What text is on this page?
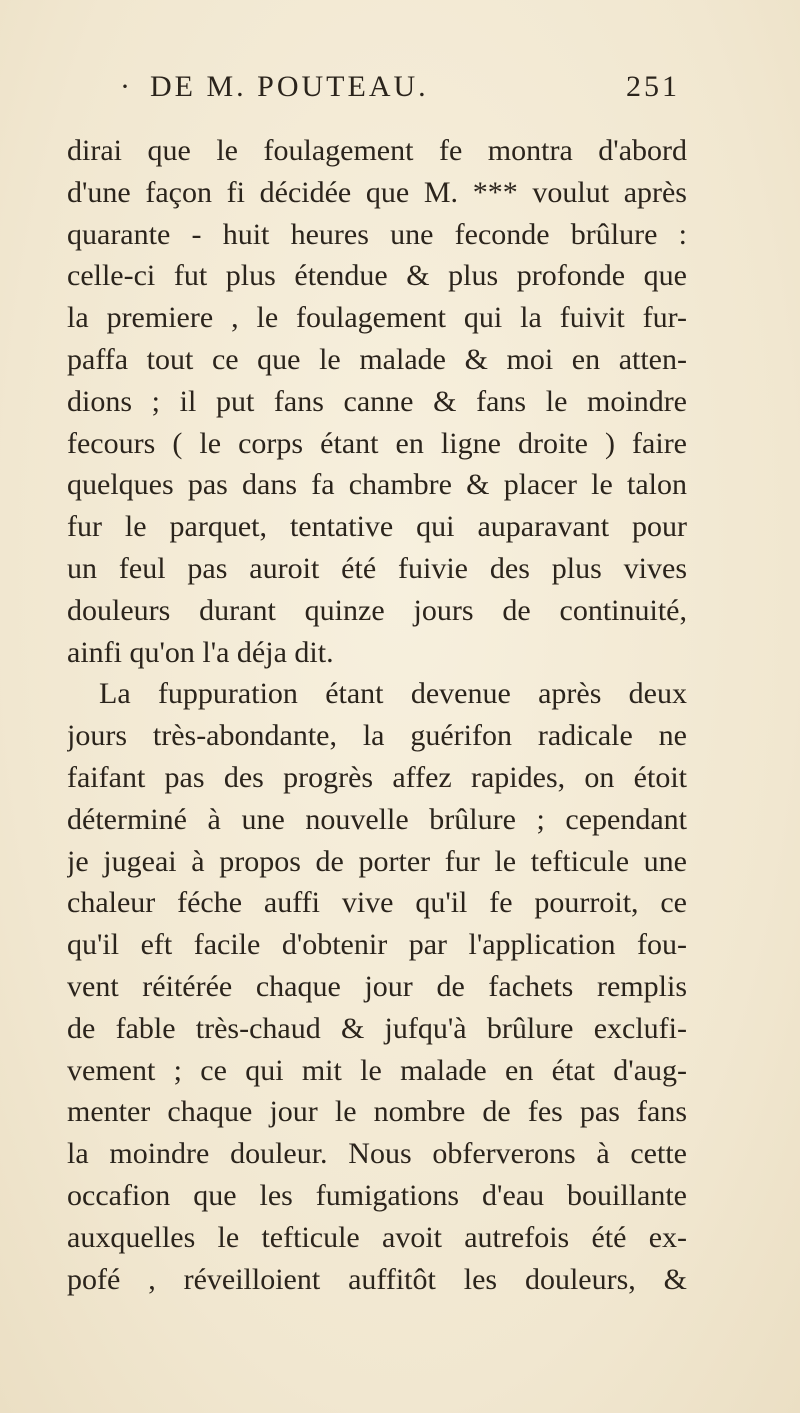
· DE M. POUTEAU.	251
dirai que le foulagement fe montra d'abord
d'une façon fi décidée que M. *** voulut après
quarante - huit heures une feconde brûlure :
celle-ci fut plus étendue & plus profonde que
la premiere , le foulagement qui la fuivit fur-
paffa tout ce que le malade & moi en atten-
dions ; il put fans canne & fans le moindre
fecours ( le corps étant en ligne droite ) faire
quelques pas dans fa chambre & placer le talon
fur le parquet, tentative qui auparavant pour
un feul pas auroit été fuivie des plus vives
douleurs durant quinze jours de continuité,
ainfi qu'on l'a déja dit.
La fuppuration étant devenue après deux
jours très-abondante, la guérifon radicale ne
faifant pas des progrès affez rapides, on étoit
déterminé à une nouvelle brûlure ; cependant
je jugeai à propos de porter fur le tefticule une
chaleur féche auffi vive qu'il fe pourroit, ce
qu'il eft facile d'obtenir par l'application fou-
vent réitérée chaque jour de fachets remplis
de fable très-chaud & jufqu'à brûlure exclufi-
vement ; ce qui mit le malade en état d'aug-
menter chaque jour le nombre de fes pas fans
la moindre douleur. Nous obferverons à cette
occafion que les fumigations d'eau bouillante
auxquelles le tefticule avoit autrefois été ex-
pofé , réveilloient auffitôt les douleurs, &
